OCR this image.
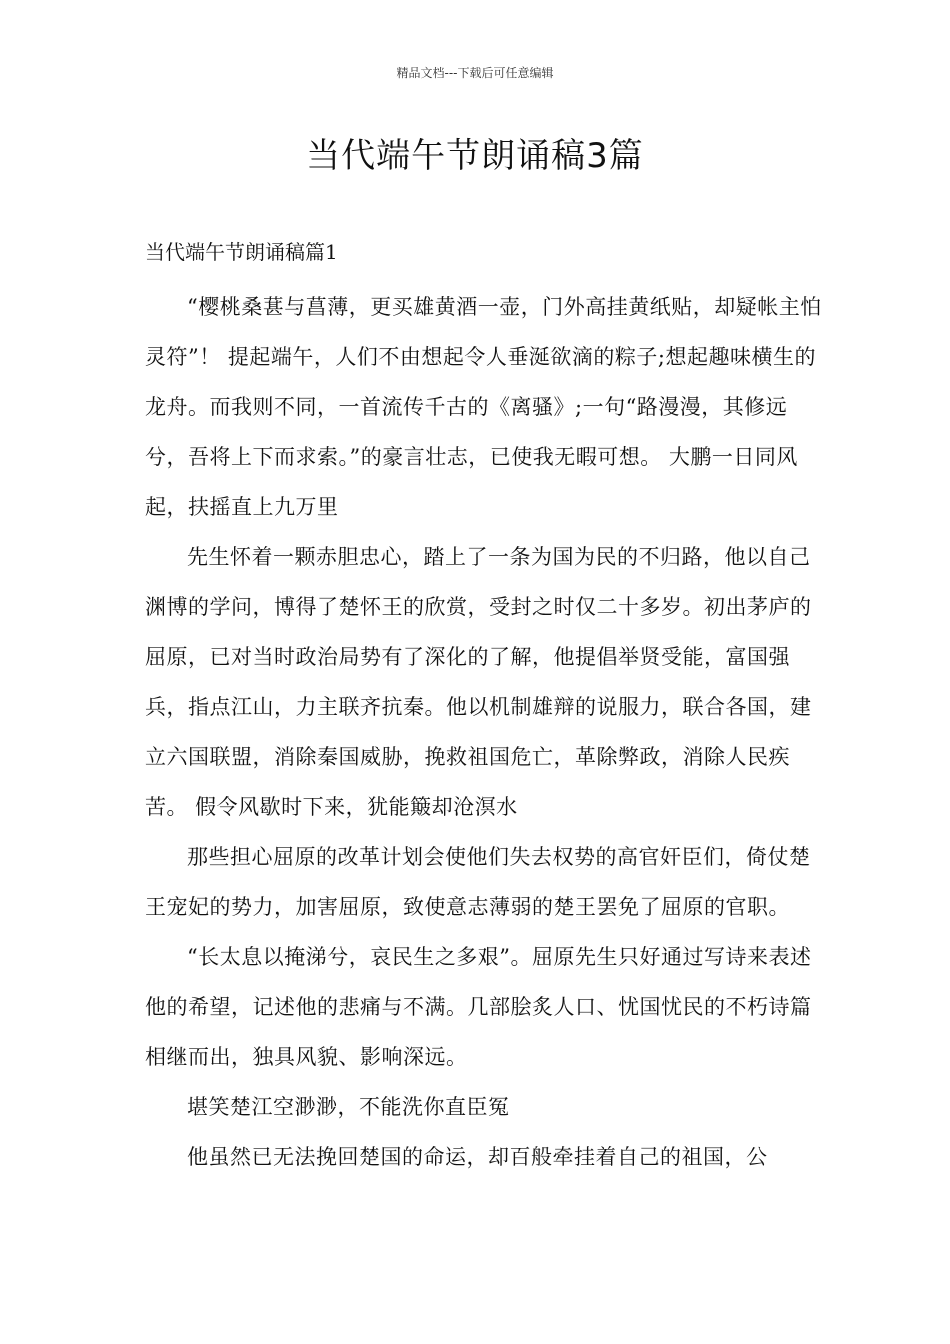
精品文档---下载后可任意编辑
当代端午节朗诵稿3篇

当代端午节朗诵稿篇1

“樱桃桑葚与菖薄，更买雄黄酒一壶，门外高挂黄纸贴，却疑帐主怕灵符”！ 提起端午，人们不由想起令人垂涎欲滴的粽子;想起趣味横生的龙舟。而我则不同，一首流传千古的《离骚》;一句“路漫漫，其修远兮，吾将上下而求索。”的豪言壮志，已使我无暇可想。 大鹏一日同风起，扶摇直上九万里

先生怀着一颗赤胆忠心，踏上了一条为国为民的不归路，他以自己渊博的学问，博得了楚怀王的欣赏，受封之时仅二十多岁。初出茅庐的屈原，已对当时政治局势有了深化的了解，他提倡举贤受能，富国强兵，指点江山，力主联齐抗秦。他以机制雄辩的说服力，联合各国，建立六国联盟，消除秦国威胁，挽救祖国危亡，革除弊政，消除人民疾苦。 假令风歇时下来，犹能簸却沧溟水

那些担心屈原的改革计划会使他们失去权势的高官奸臣们，倚仗楚王宠妃的势力，加害屈原，致使意志薄弱的楚王罢免了屈原的官职。

“长太息以掩涕兮，哀民生之多艰”。屈原先生只好通过写诗来表述他的希望，记述他的悲痛与不满。几部脍炙人口、忧国忧民的不朽诗篇相继而出，独具风貌、影响深远。

堪笑楚江空渺渺，不能洗你直臣冤

他虽然已无法挽回楚国的命运，却百般牵挂着自己的祖国，公
